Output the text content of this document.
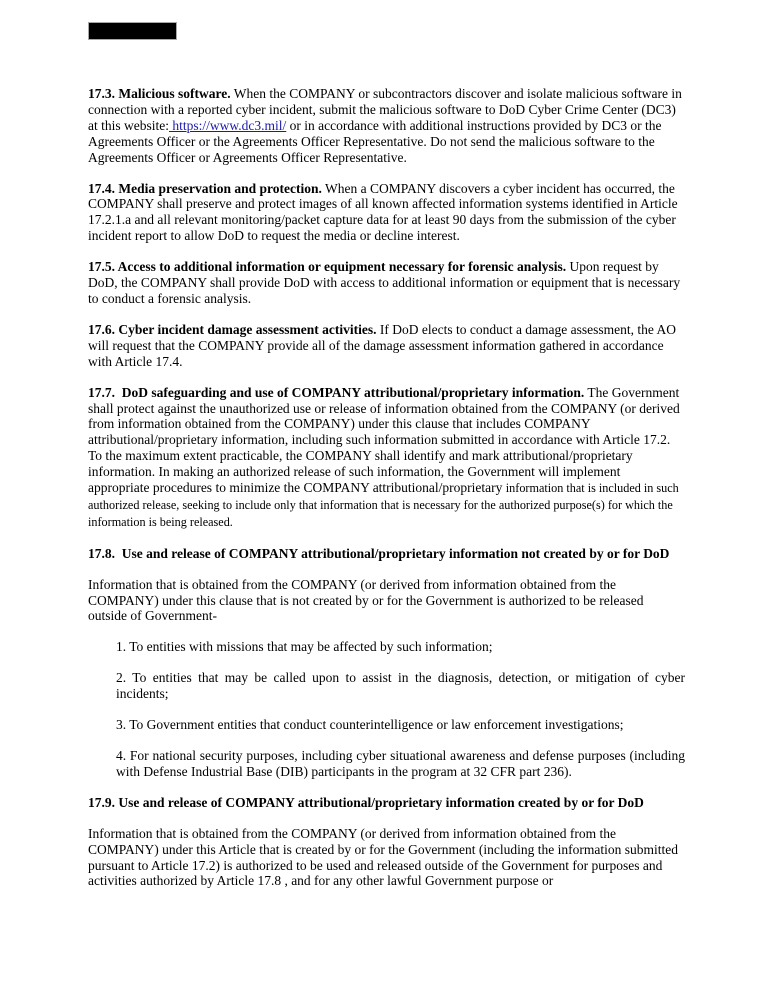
17.3. Malicious software. When the COMPANY or subcontractors discover and isolate malicious software in connection with a reported cyber incident, submit the malicious software to DoD Cyber Crime Center (DC3) at this website: https://www.dc3.mil/ or in accordance with additional instructions provided by DC3 or the Agreements Officer or the Agreements Officer Representative. Do not send the malicious software to the Agreements Officer or Agreements Officer Representative.

17.4. Media preservation and protection. When a COMPANY discovers a cyber incident has occurred, the COMPANY shall preserve and protect images of all known affected information systems identified in Article 17.2.1.a and all relevant monitoring/packet capture data for at least 90 days from the submission of the cyber incident report to allow DoD to request the media or decline interest.

17.5. Access to additional information or equipment necessary for forensic analysis. Upon request by DoD, the COMPANY shall provide DoD with access to additional information or equipment that is necessary to conduct a forensic analysis.

17.6. Cyber incident damage assessment activities. If DoD elects to conduct a damage assessment, the AO will request that the COMPANY provide all of the damage assessment information gathered in accordance with Article 17.4.

17.7.  DoD safeguarding and use of COMPANY attributional/proprietary information. The Government shall protect against the unauthorized use or release of information obtained from the COMPANY (or derived from information obtained from the COMPANY) under this clause that includes COMPANY attributional/proprietary information, including such information submitted in accordance with Article 17.2. To the maximum extent practicable, the COMPANY shall identify and mark attributional/proprietary information. In making an authorized release of such information, the Government will implement appropriate procedures to minimize the COMPANY attributional/proprietary information that is included in such authorized release, seeking to include only that information that is necessary for the authorized purpose(s) for which the information is being released.

17.8.  Use and release of COMPANY attributional/proprietary information not created by or for DoD

Information that is obtained from the COMPANY (or derived from information obtained from the COMPANY) under this clause that is not created by or for the Government is authorized to be released outside of Government-

1. To entities with missions that may be affected by such information;

2. To entities that may be called upon to assist in the diagnosis, detection, or mitigation of cyber incidents;

3. To Government entities that conduct counterintelligence or law enforcement investigations;

4. For national security purposes, including cyber situational awareness and defense purposes (including with Defense Industrial Base (DIB) participants in the program at 32 CFR part 236).

17.9. Use and release of COMPANY attributional/proprietary information created by or for DoD

Information that is obtained from the COMPANY (or derived from information obtained from the COMPANY) under this Article that is created by or for the Government (including the information submitted pursuant to Article 17.2) is authorized to be used and released outside of the Government for purposes and activities authorized by Article 17.8 , and for any other lawful Government purpose or
